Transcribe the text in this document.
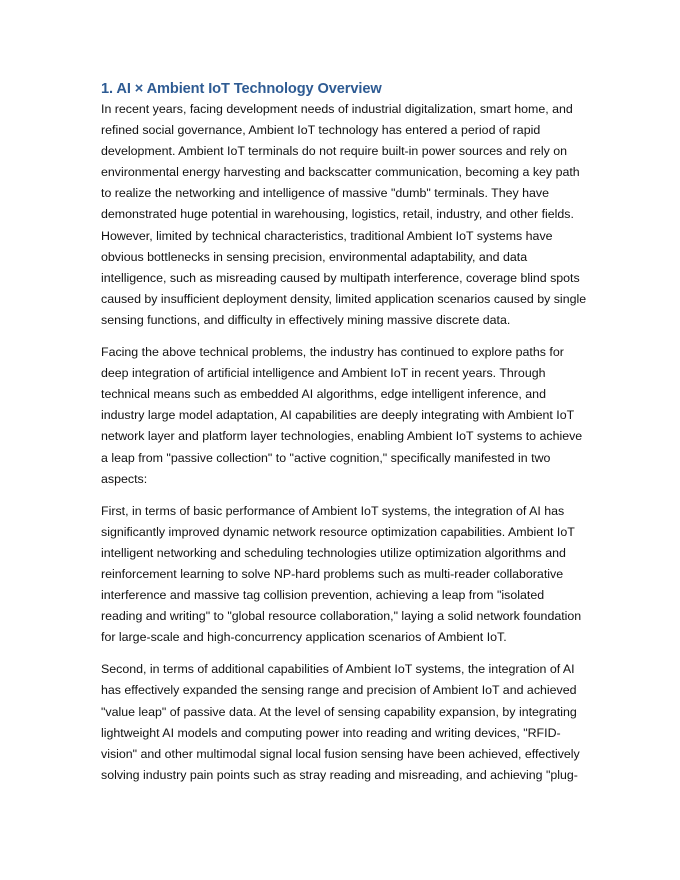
1. AI × Ambient IoT Technology Overview

In recent years, facing development needs of industrial digitalization, smart home, and
refined social governance, Ambient IoT technology has entered a period of rapid
development. Ambient IoT terminals do not require built-in power sources and rely on
environmental energy harvesting and backscatter communication, becoming a key path
to realize the networking and intelligence of massive "dumb" terminals. They have
demonstrated huge potential in warehousing, logistics, retail, industry, and other fields.
However, limited by technical characteristics, traditional Ambient IoT systems have
obvious bottlenecks in sensing precision, environmental adaptability, and data
intelligence, such as misreading caused by multipath interference, coverage blind spots
caused by insufficient deployment density, limited application scenarios caused by single
sensing functions, and difficulty in effectively mining massive discrete data.

Facing the above technical problems, the industry has continued to explore paths for
deep integration of artificial intelligence and Ambient IoT in recent years. Through
technical means such as embedded AI algorithms, edge intelligent inference, and
industry large model adaptation, AI capabilities are deeply integrating with Ambient IoT
network layer and platform layer technologies, enabling Ambient IoT systems to achieve
a leap from "passive collection" to "active cognition," specifically manifested in two
aspects:

First, in terms of basic performance of Ambient IoT systems, the integration of AI has
significantly improved dynamic network resource optimization capabilities. Ambient IoT
intelligent networking and scheduling technologies utilize optimization algorithms and
reinforcement learning to solve NP-hard problems such as multi-reader collaborative
interference and massive tag collision prevention, achieving a leap from "isolated
reading and writing" to "global resource collaboration," laying a solid network foundation
for large-scale and high-concurrency application scenarios of Ambient IoT.

Second, in terms of additional capabilities of Ambient IoT systems, the integration of AI
has effectively expanded the sensing range and precision of Ambient IoT and achieved
"value leap" of passive data. At the level of sensing capability expansion, by integrating
lightweight AI models and computing power into reading and writing devices, "RFID-
vision" and other multimodal signal local fusion sensing have been achieved, effectively
solving industry pain points such as stray reading and misreading, and achieving "plug-
